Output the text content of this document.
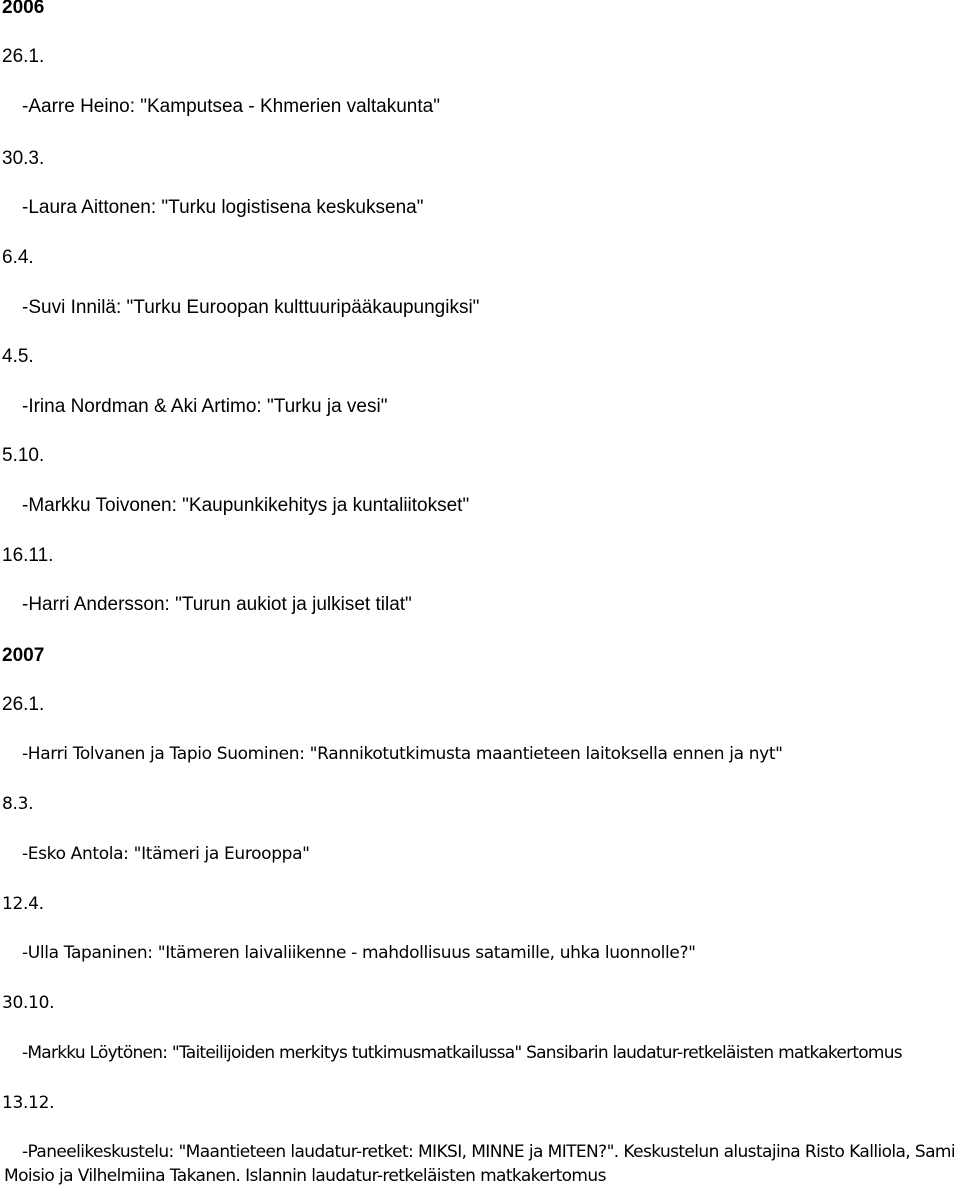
2006
26.1.
-Aarre Heino: "Kamputsea - Khmerien valtakunta"
30.3.
-Laura Aittonen: "Turku logistisena keskuksena"
6.4.
-Suvi Innilä: "Turku Euroopan kulttuuripääkaupungiksi"
4.5.
-Irina Nordman & Aki Artimo: "Turku ja vesi"
5.10.
-Markku Toivonen: "Kaupunkikehitys ja kuntaliitokset"
16.11.
-Harri Andersson: "Turun aukiot ja julkiset tilat"
2007
26.1.
-Harri Tolvanen ja Tapio Suominen: "Rannikotutkimusta maantieteen laitoksella ennen ja nyt"
8.3.
-Esko Antola: "Itämeri ja Eurooppa"
12.4.
-Ulla Tapaninen: "Itämeren laivaliikenne - mahdollisuus satamille, uhka luonnolle?"
30.10.
-Markku Löytönen: "Taiteilijoiden merkitys tutkimusmatkailussa" Sansibarin laudatur-retkeläisten matkakertomus
13.12.
-Paneelikeskustelu: "Maantieteen laudatur-retket: MIKSI, MINNE ja MITEN?". Keskustelun alustajina Risto Kalliola, Sami Moisio ja Vilhelmiina Takanen. Islannin laudatur-retkeläisten matkakertomus
